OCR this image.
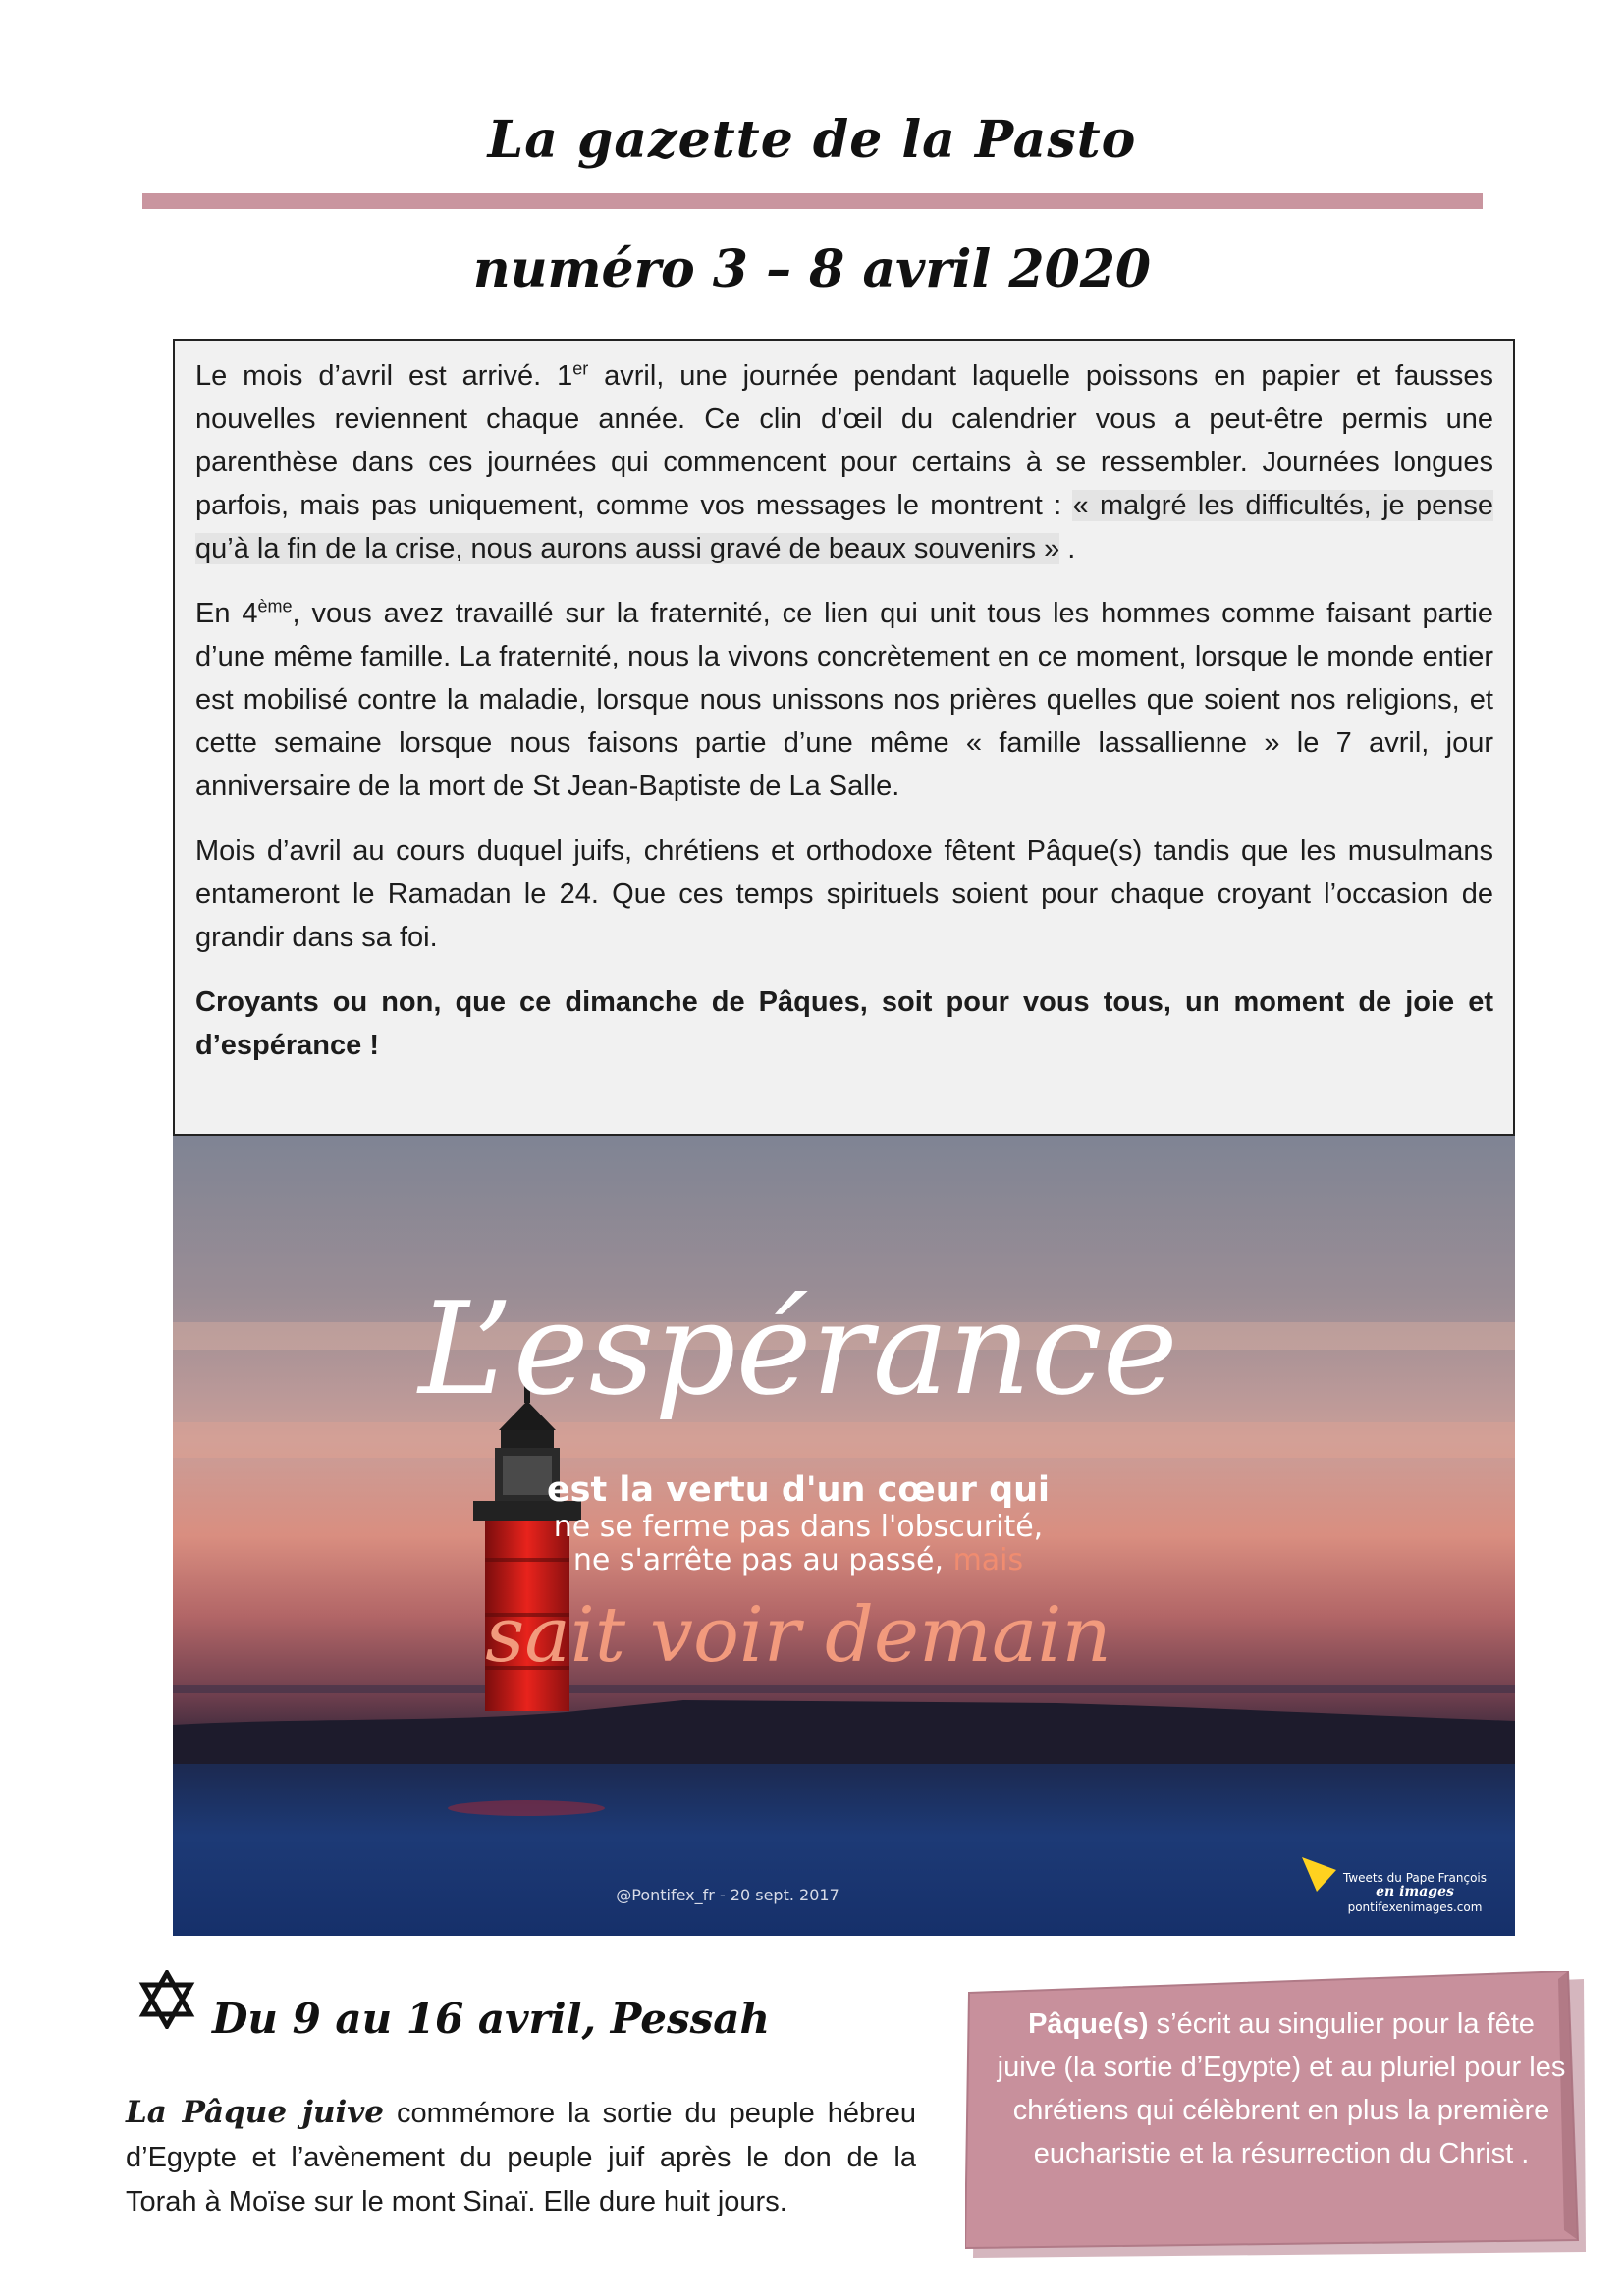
La gazette de la Pasto
numéro 3 – 8 avril 2020

Le mois d’avril est arrivé. 1er avril, une journée pendant laquelle poissons en papier et fausses nouvelles reviennent chaque année. Ce clin d’œil du calendrier vous a peut-être permis une parenthèse dans ces journées qui commencent pour certains à se ressembler. Journées longues parfois, mais pas uniquement, comme vos messages le montrent : « malgré les difficultés, je pense qu’à la fin de la crise, nous aurons aussi gravé de beaux souvenirs » .

En 4ème, vous avez travaillé sur la fraternité, ce lien qui unit tous les hommes comme faisant partie d’une même famille. La fraternité, nous la vivons concrètement en ce moment, lorsque le monde entier est mobilisé contre la maladie, lorsque nous unissons nos prières quelles que soient nos religions, et cette semaine lorsque nous faisons partie d’une même « famille lassallienne » le 7 avril, jour anniversaire de la mort de St Jean-Baptiste de La Salle.

Mois d’avril au cours duquel juifs, chrétiens et orthodoxe fêtent Pâque(s) tandis que les musulmans entameront le Ramadan le 24. Que ces temps spirituels soient pour chaque croyant l’occasion de grandir dans sa foi.

Croyants ou non, que ce dimanche de Pâques, soit pour vous tous, un moment de joie et d’espérance !

L’espérance
est la vertu d'un cœur qui
ne se ferme pas dans l'obscurité,
ne s'arrête pas au passé, mais
sait voir demain
@Pontifex_fr - 20 sept. 2017
Tweets du Pape François
en images
pontifexenimages.com
Du 9 au 16 avril, Pessah
La Pâque juive commémore la sortie du peuple hébreu d’Egypte et l’avènement du peuple juif après le don de la Torah à Moïse sur le mont Sinaï. Elle dure huit jours.
Pâque(s) s’écrit au singulier pour la fête juive (la sortie d’Egypte) et au pluriel pour les chrétiens qui célèbrent en plus la première eucharistie et la résurrection du Christ .
